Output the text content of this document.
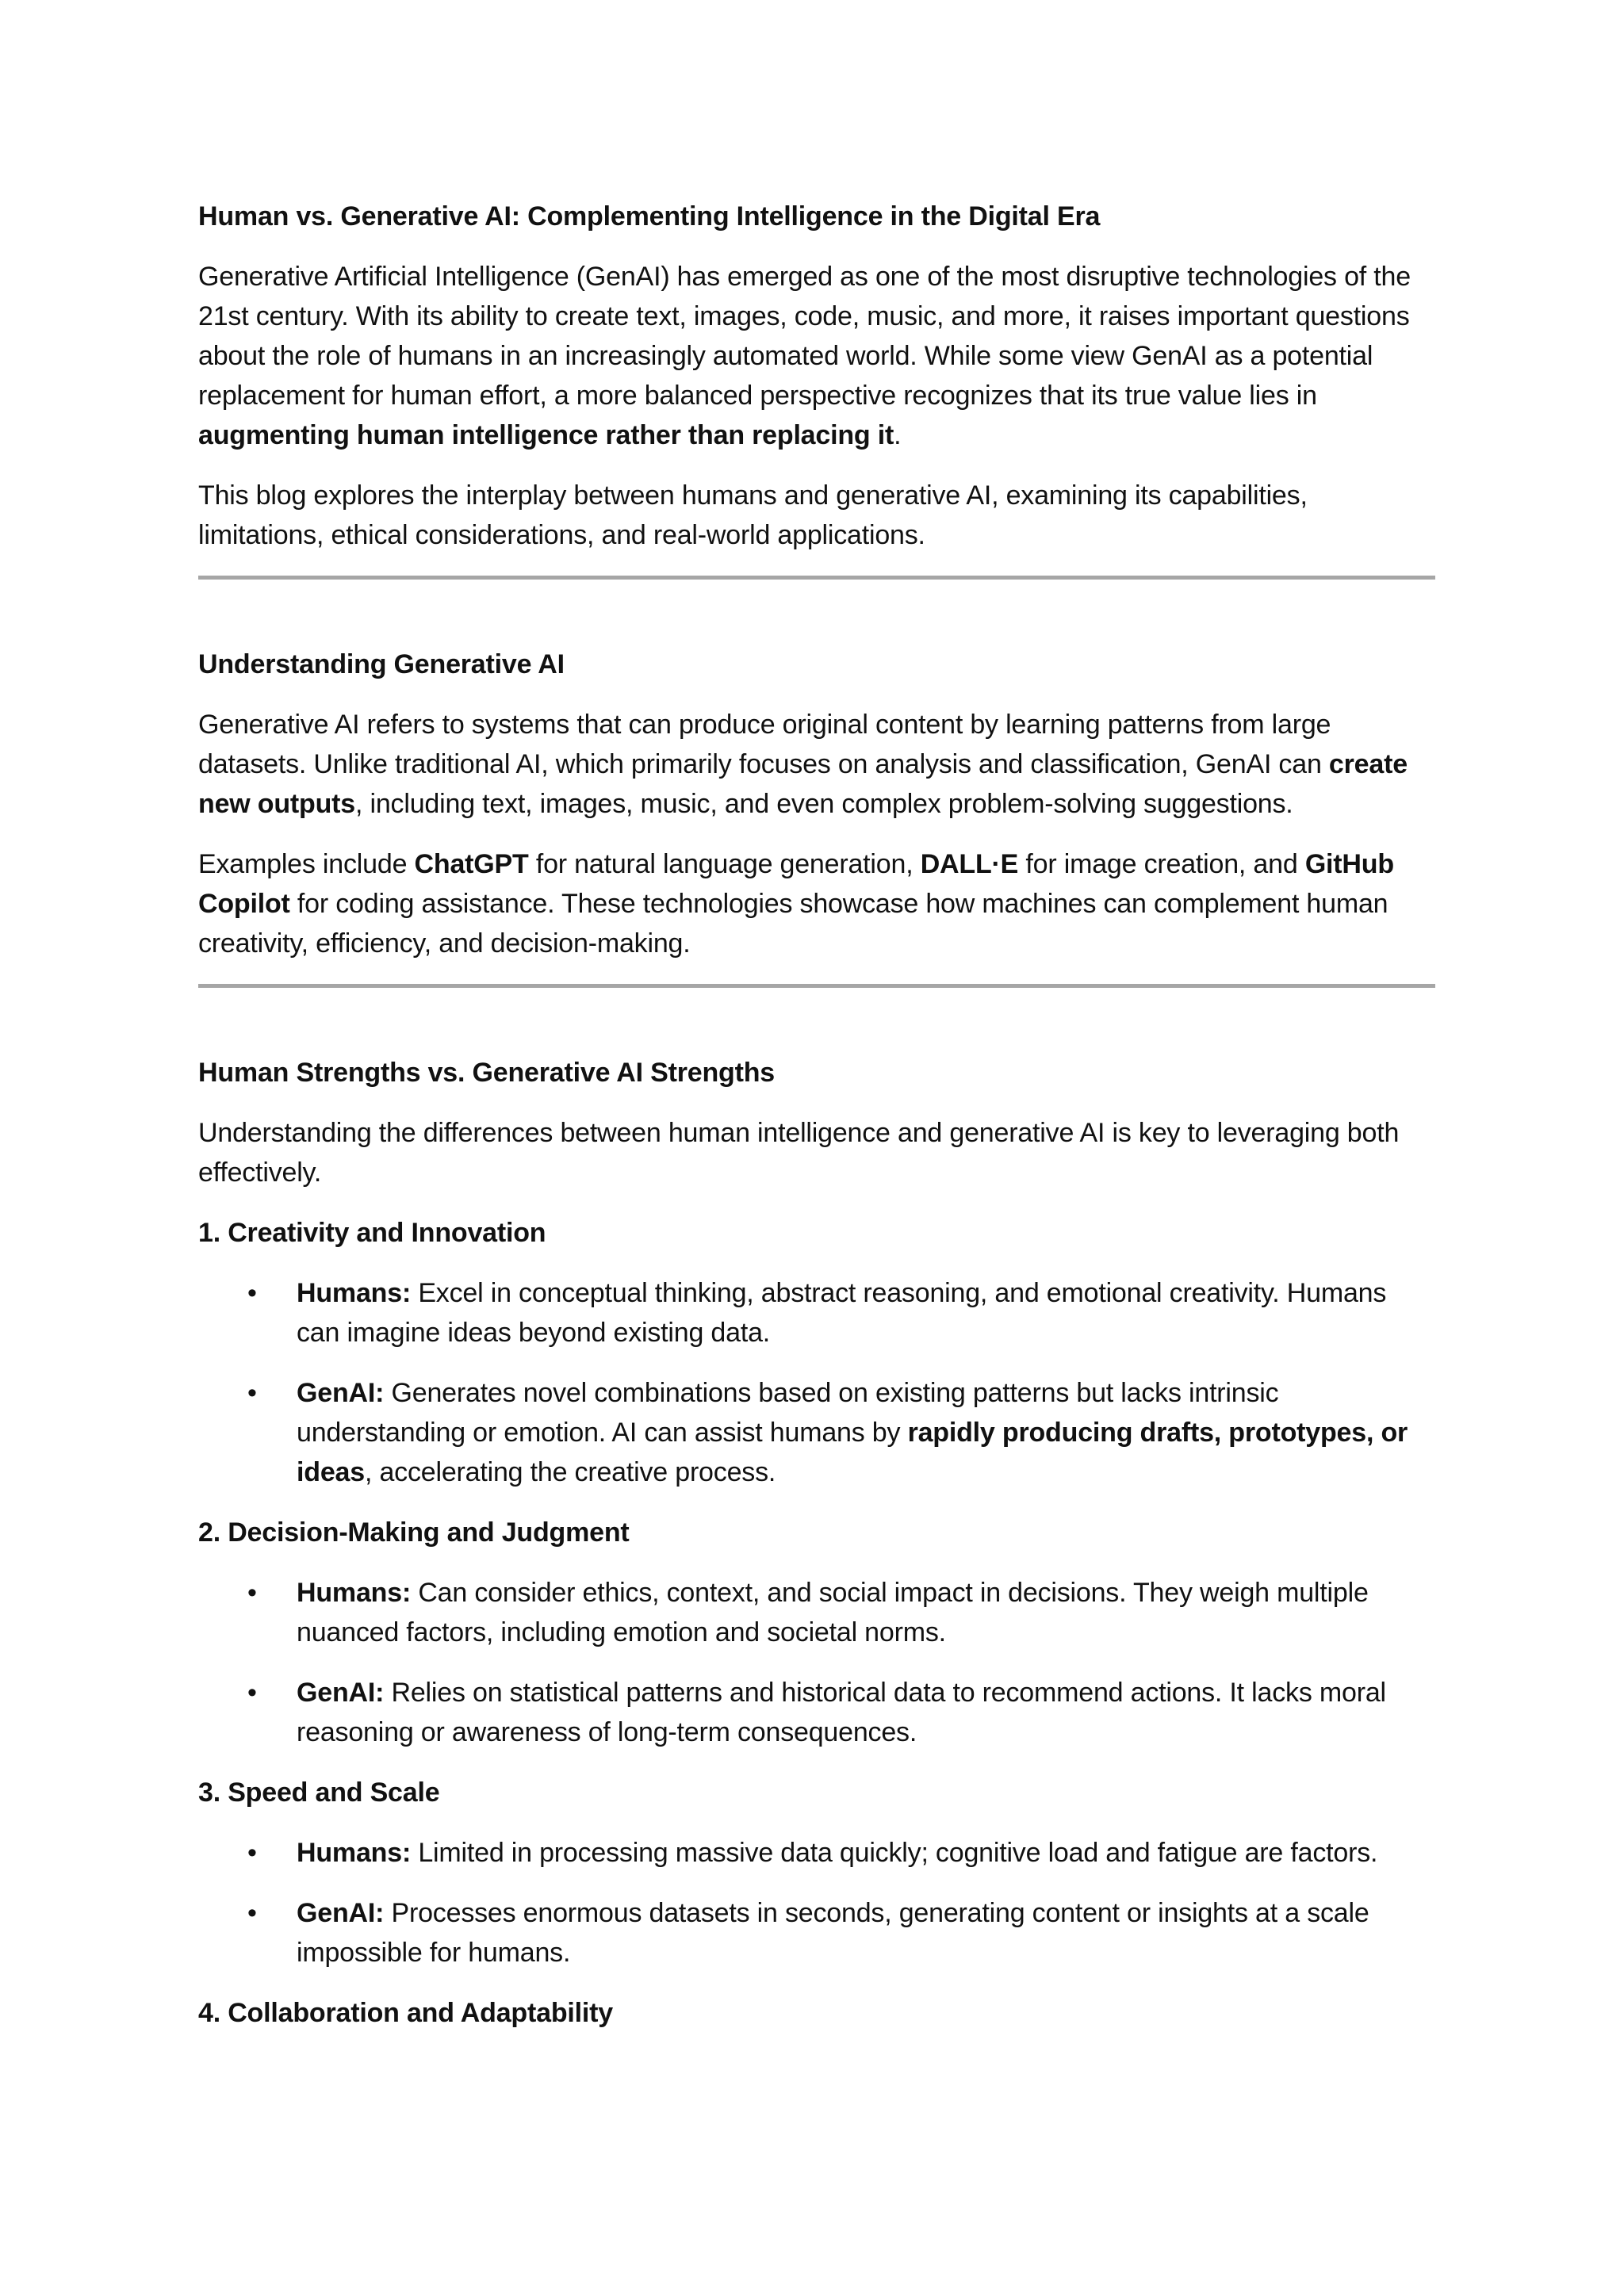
Human vs. Generative AI: Complementing Intelligence in the Digital Era

Generative Artificial Intelligence (GenAI) has emerged as one of the most disruptive technologies of the 21st century. With its ability to create text, images, code, music, and more, it raises important questions about the role of humans in an increasingly automated world. While some view GenAI as a potential replacement for human effort, a more balanced perspective recognizes that its true value lies in augmenting human intelligence rather than replacing it.

This blog explores the interplay between humans and generative AI, examining its capabilities, limitations, ethical considerations, and real-world applications.

Understanding Generative AI

Generative AI refers to systems that can produce original content by learning patterns from large datasets. Unlike traditional AI, which primarily focuses on analysis and classification, GenAI can create new outputs, including text, images, music, and even complex problem-solving suggestions.

Examples include ChatGPT for natural language generation, DALL·E for image creation, and GitHub Copilot for coding assistance. These technologies showcase how machines can complement human creativity, efficiency, and decision-making.

Human Strengths vs. Generative AI Strengths

Understanding the differences between human intelligence and generative AI is key to leveraging both effectively.

1. Creativity and Innovation
• Humans: Excel in conceptual thinking, abstract reasoning, and emotional creativity. Humans can imagine ideas beyond existing data.
• GenAI: Generates novel combinations based on existing patterns but lacks intrinsic understanding or emotion. AI can assist humans by rapidly producing drafts, prototypes, or ideas, accelerating the creative process.
2. Decision-Making and Judgment
• Humans: Can consider ethics, context, and social impact in decisions. They weigh multiple nuanced factors, including emotion and societal norms.
• GenAI: Relies on statistical patterns and historical data to recommend actions. It lacks moral reasoning or awareness of long-term consequences.
3. Speed and Scale
• Humans: Limited in processing massive data quickly; cognitive load and fatigue are factors.
• GenAI: Processes enormous datasets in seconds, generating content or insights at a scale impossible for humans.
4. Collaboration and Adaptability
